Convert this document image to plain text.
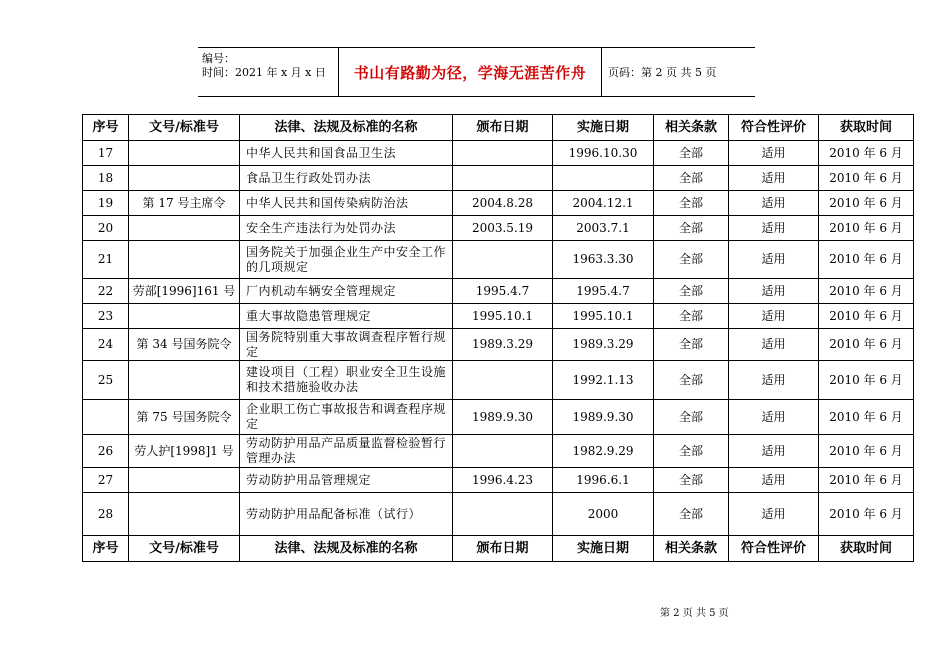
编号：
时间：2021 年 x 月 x 日	书山有路勤为径，学海无涯苦作舟	页码：第 2 页 共 5 页
序号	文号/标准号	法律、法规及标准的名称	颁布日期	实施日期	相关条款	符合性评价	获取时间
17		中华人民共和国食品卫生法		1996.10.30	全部	适用	2010 年 6 月
18		食品卫生行政处罚办法			全部	适用	2010 年 6 月
19	第 17 号主席令	中华人民共和国传染病防治法	2004.8.28	2004.12.1	全部	适用	2010 年 6 月
20		安全生产违法行为处罚办法	2003.5.19	2003.7.1	全部	适用	2010 年 6 月
21		国务院关于加强企业生产中安全工作的几项规定		1963.3.30	全部	适用	2010 年 6 月
22	劳部[1996]161 号	厂内机动车辆安全管理规定	1995.4.7	1995.4.7	全部	适用	2010 年 6 月
23		重大事故隐患管理规定	1995.10.1	1995.10.1	全部	适用	2010 年 6 月
24	第 34 号国务院令	国务院特别重大事故调查程序暂行规定	1989.3.29	1989.3.29	全部	适用	2010 年 6 月
25		建设项目（工程）职业安全卫生设施和技术措施验收办法		1992.1.13	全部	适用	2010 年 6 月
	第 75 号国务院令	企业职工伤亡事故报告和调查程序规定	1989.9.30	1989.9.30	全部	适用	2010 年 6 月
26	劳人护[1998]1 号	劳动防护用品产品质量监督检验暂行管理办法		1982.9.29	全部	适用	2010 年 6 月
27		劳动防护用品管理规定	1996.4.23	1996.6.1	全部	适用	2010 年 6 月
28		劳动防护用品配备标准（试行）		2000	全部	适用	2010 年 6 月
序号	文号/标准号	法律、法规及标准的名称	颁布日期	实施日期	相关条款	符合性评价	获取时间
第 2 页 共 5 页
